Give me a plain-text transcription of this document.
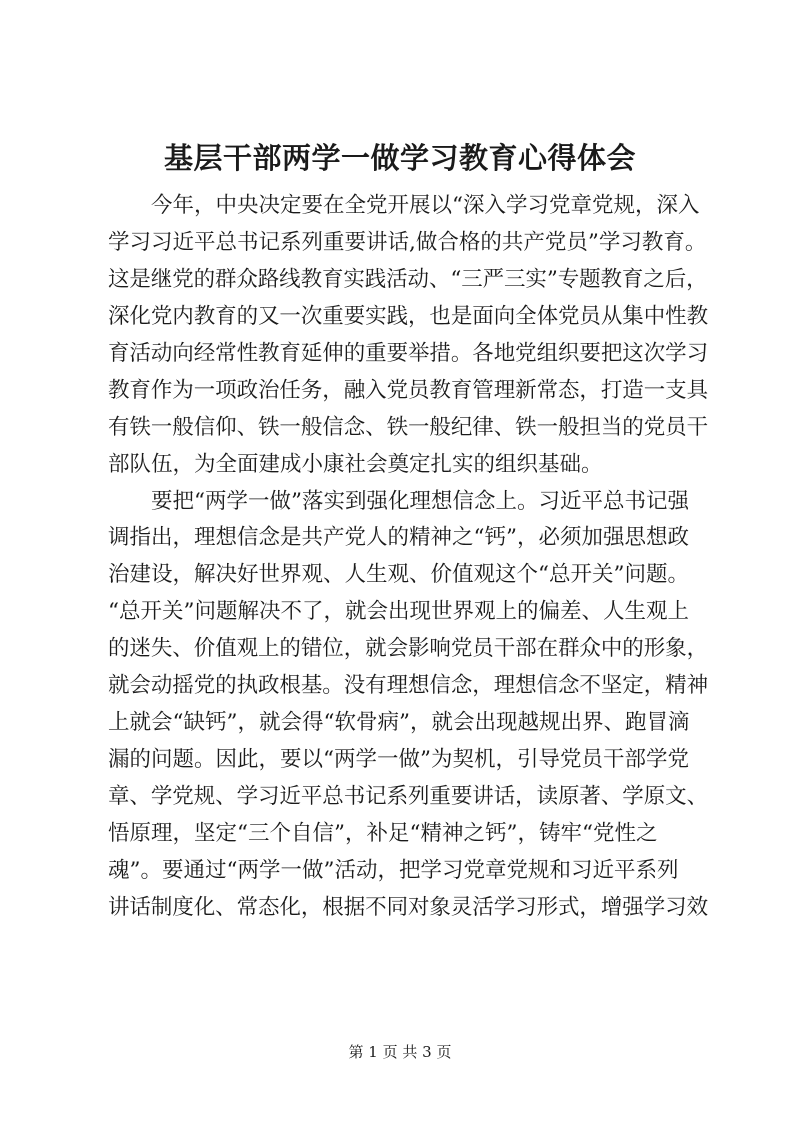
基层干部两学一做学习教育心得体会
　　今年，中央决定要在全党开展以“深入学习党章党规，深入
学习习近平总书记系列重要讲话,做合格的共产党员”学习教育。
这是继党的群众路线教育实践活动、“三严三实”专题教育之后，
深化党内教育的又一次重要实践，也是面向全体党员从集中性教
育活动向经常性教育延伸的重要举措。各地党组织要把这次学习
教育作为一项政治任务，融入党员教育管理新常态，打造一支具
有铁一般信仰、铁一般信念、铁一般纪律、铁一般担当的党员干
部队伍，为全面建成小康社会奠定扎实的组织基础。
　　要把“两学一做”落实到强化理想信念上。习近平总书记强
调指出，理想信念是共产党人的精神之“钙”，必须加强思想政
治建设，解决好世界观、人生观、价值观这个“总开关”问题。
“总开关”问题解决不了，就会出现世界观上的偏差、人生观上
的迷失、价值观上的错位，就会影响党员干部在群众中的形象，
就会动摇党的执政根基。没有理想信念，理想信念不坚定，精神
上就会“缺钙”，就会得“软骨病”，就会出现越规出界、跑冒滴
漏的问题。因此，要以“两学一做”为契机，引导党员干部学党
章、学党规、学习近平总书记系列重要讲话，读原著、学原文、
悟原理，坚定“三个自信”，补足“精神之钙”，铸牢“党性之
魂”。要通过“两学一做”活动，把学习党章党规和习近平系列
讲话制度化、常态化，根据不同对象灵活学习形式，增强学习效
第 1 页 共 3 页
